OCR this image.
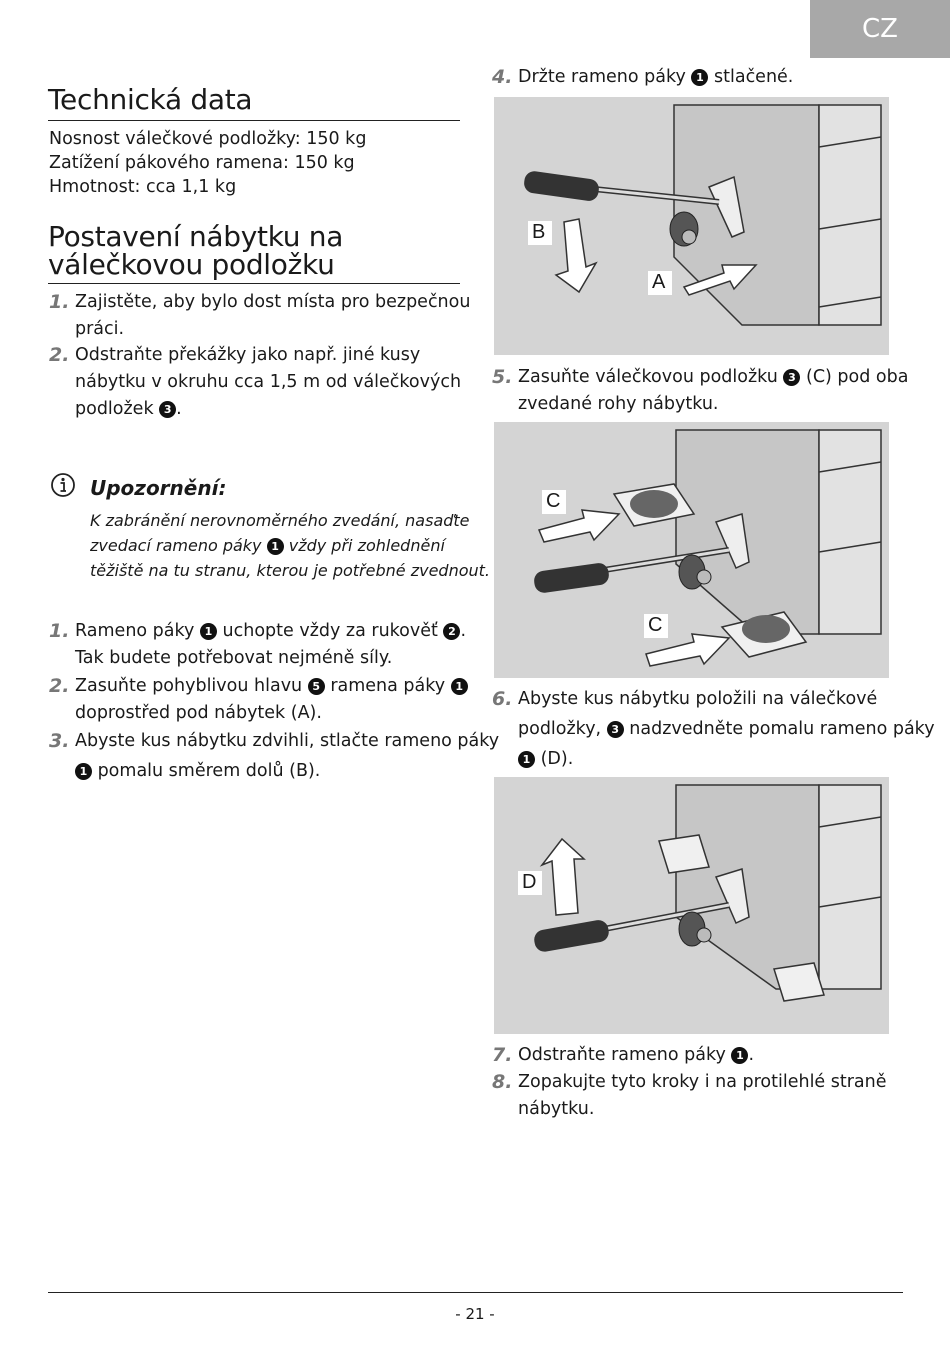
CZ
Technická data
Nosnost válečkové podložky: 150 kg
Zatížení pákového ramena: 150 kg
Hmotnost: cca 1,1 kg
Postavení nábytku na
válečkovou podložku
1. Zajistěte, aby bylo dost místa pro bezpečnou
práci.
2. Odstraňte překážky jako např. jiné kusy
nábytku v okruhu cca 1,5 m od válečkových
podložek 3 .
Upozornění:
K zabránění nerovnoměrného zvedání, nasaďte
zvedací rameno páky 1 vždy při zohlednění
těžiště na tu stranu, kterou je potřebné zvednout.
1. Rameno páky 1 uchopte vždy za rukověť 2 .
Tak budete potřebovat nejméně síly.
2. Zasuňte pohyblivou hlavu 5 ramena páky 1
doprostřed pod nábytek (A).
3. Abyste kus nábytku zdvihli, stlačte rameno páky
1 pomalu směrem dolů (B).
4. Držte rameno páky 1 stlačené.
B
A
5. Zasuňte válečkovou podložku 3 (C) pod oba
zvedané rohy nábytku.
C
C
6. Abyste kus nábytku položili na válečkové
podložky, 3 nadzvedněte pomalu rameno páky
1 (D).
D
7. Odstraňte rameno páky 1 .
8. Zopakujte tyto kroky i na protilehlé straně
nábytku.
- 21 -
